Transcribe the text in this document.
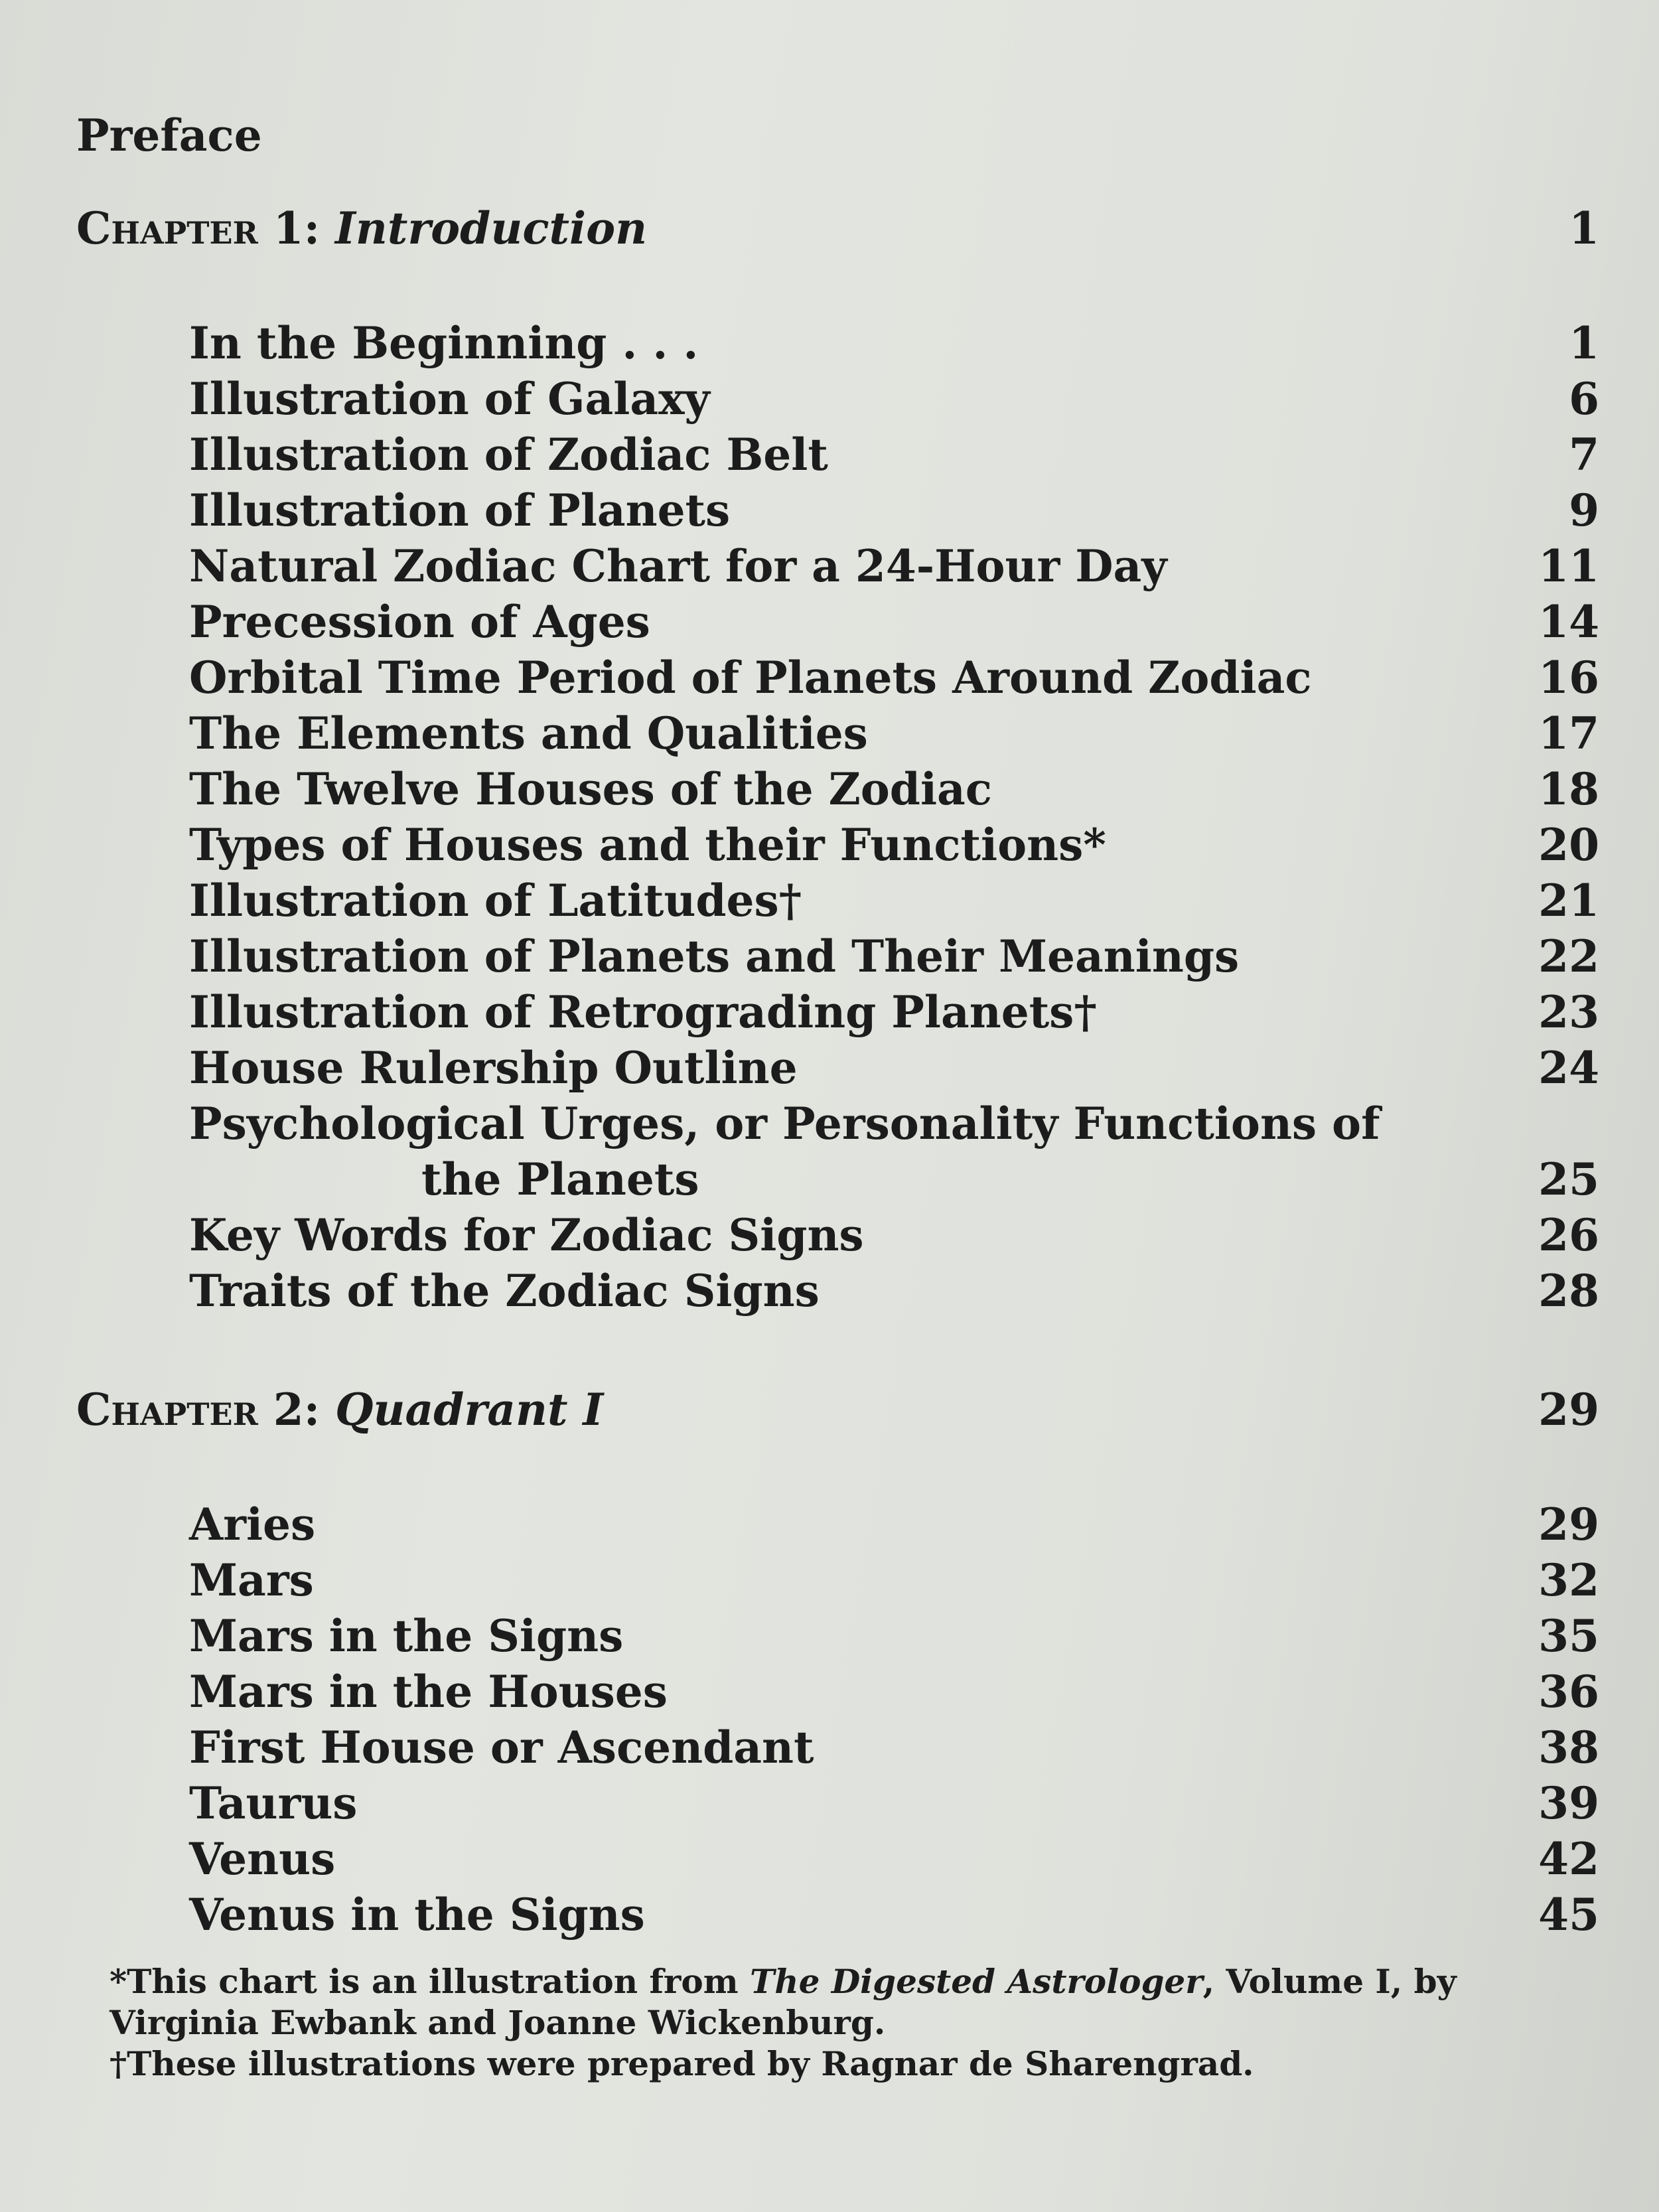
Preface
Chapter 1: Introduction	1
In the Beginning . . .	1
Illustration of Galaxy	6
Illustration of Zodiac Belt	7
Illustration of Planets	9
Natural Zodiac Chart for a 24-Hour Day	11
Precession of Ages	14
Orbital Time Period of Planets Around Zodiac	16
The Elements and Qualities	17
The Twelve Houses of the Zodiac	18
Types of Houses and their Functions*	20
Illustration of Latitudes†	21
Illustration of Planets and Their Meanings	22
Illustration of Retrograding Planets†	23
House Rulership Outline	24
Psychological Urges, or Personality Functions of
the Planets	25
Key Words for Zodiac Signs	26
Traits of the Zodiac Signs	28
Chapter 2: Quadrant I	29
Aries	29
Mars	32
Mars in the Signs	35
Mars in the Houses	36
First House or Ascendant	38
Taurus	39
Venus	42
Venus in the Signs	45

*This chart is an illustration from The Digested Astrologer, Volume I, by Virginia Ewbank and Joanne Wickenburg.

†These illustrations were prepared by Ragnar de Sharengrad.
